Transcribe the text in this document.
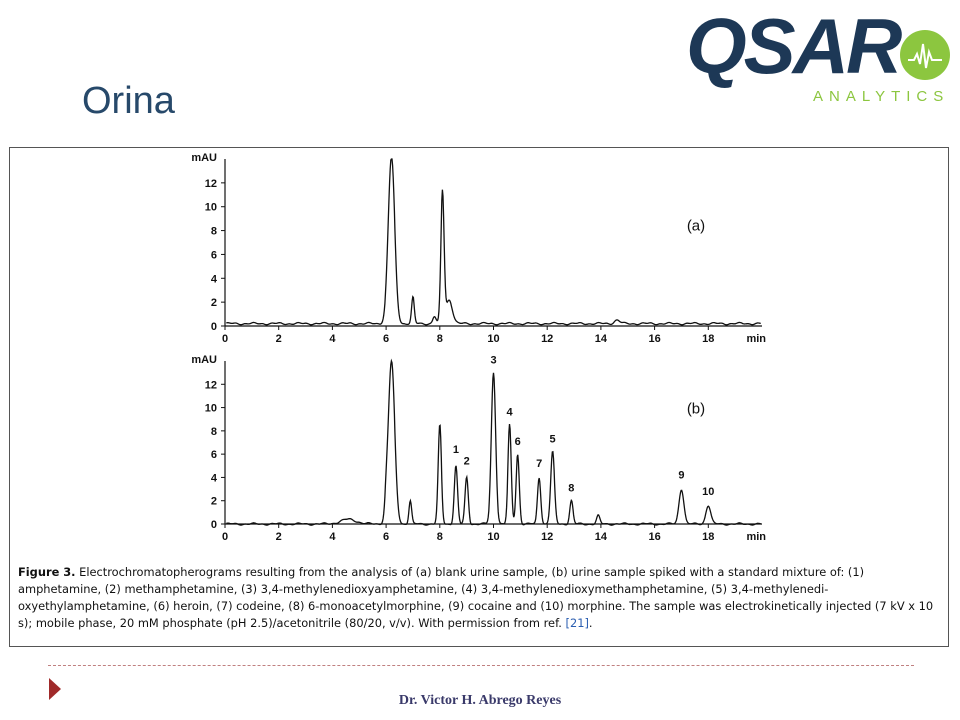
Orina
QSAR
ANALYTICS
0
2
4
6
8
10
12
mAU
0	2	4	6	8	10	12	14	16	18	min
(a)
0
2
4
6
8
10
12
mAU
0	2	4	6	8	10	12	14	16	18	min
(b)
1
2
3
4
5
6
7
8
9
10

Figure 3. Electrochromatopherograms resulting from the analysis of (a) blank urine sample, (b) urine sample spiked with a standard mixture of: (1) amphetamine, (2) methamphetamine, (3) 3,4-methylenedioxyamphetamine, (4) 3,4-methylenedioxymethamphetamine, (5) 3,4-methylenedi-oxyethylamphetamine, (6) heroin, (7) codeine, (8) 6-monoacetylmorphine, (9) cocaine and (10) morphine. The sample was electrokinetically injected (7 kV x 10 s); mobile phase, 20 mM phosphate (pH 2.5)/acetonitrile (80/20, v/v). With permission from ref. [21].

Dr. Victor H. Abrego Reyes
